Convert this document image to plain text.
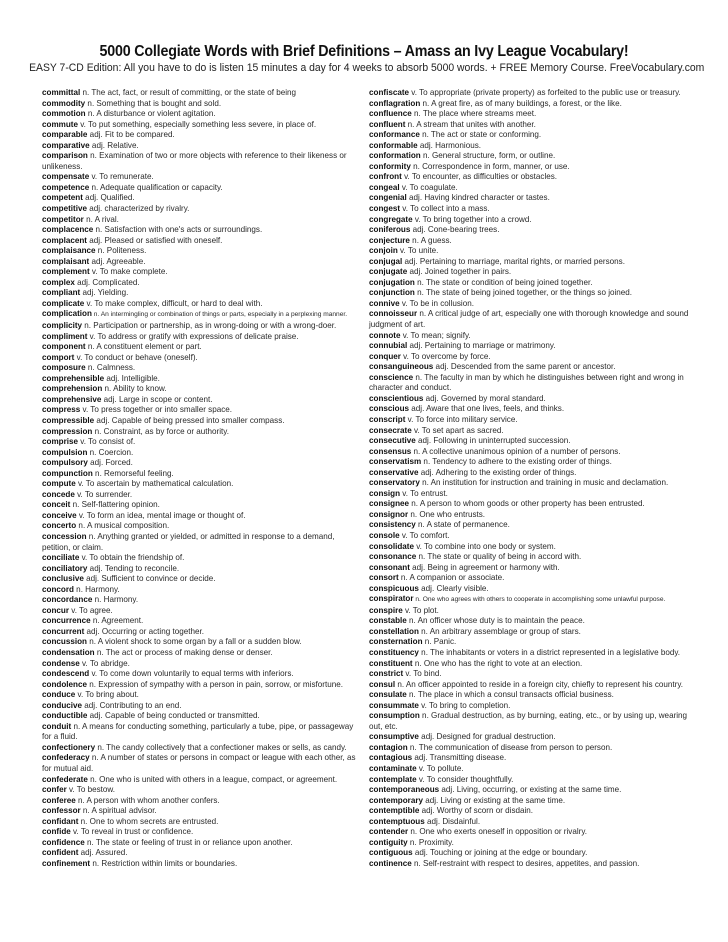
5000 Collegiate Words with Brief Definitions – Amass an Ivy League Vocabulary!
EASY 7-CD Edition: All you have to do is listen 15 minutes a day for 4 weeks to absorb 5000 words. + FREE Memory Course. FreeVocabulary.com
committal n. The act, fact, or result of committing, or the state of being
commodity n. Something that is bought and sold.
commotion n. A disturbance or violent agitation.
commute v. To put something, especially something less severe, in place of.
comparable adj. Fit to be compared.
comparative adj. Relative.
comparison n. Examination of two or more objects with reference to their likeness or unlikeness.
compensate v. To remunerate.
competence n. Adequate qualification or capacity.
competent adj. Qualified.
competitive adj. characterized by rivalry.
competitor n. A rival.
complacence n. Satisfaction with one's acts or surroundings.
complacent adj. Pleased or satisfied with oneself.
complaisance n. Politeness.
complaisant adj. Agreeable.
complement v. To make complete.
complex adj. Complicated.
compliant adj. Yielding.
complicate v. To make complex, difficult, or hard to deal with.
complication n. An intermingling or combination of things or parts, especially in a perplexing manner.
complicity n. Participation or partnership, as in wrong-doing or with a wrong-doer.
compliment v. To address or gratify with expressions of delicate praise.
component n. A constituent element or part.
comport v. To conduct or behave (oneself).
composure n. Calmness.
comprehensible adj. Intelligible.
comprehension n. Ability to know.
comprehensive adj. Large in scope or content.
compress v. To press together or into smaller space.
compressible adj. Capable of being pressed into smaller compass.
compression n. Constraint, as by force or authority.
comprise v. To consist of.
compulsion n. Coercion.
compulsory adj. Forced.
compunction n. Remorseful feeling.
compute v. To ascertain by mathematical calculation.
concede v. To surrender.
conceit n. Self-flattering opinion.
conceive v. To form an idea, mental image or thought of.
concerto n. A musical composition.
concession n. Anything granted or yielded, or admitted in response to a demand, petition, or claim.
conciliate v. To obtain the friendship of.
conciliatory adj. Tending to reconcile.
conclusive adj. Sufficient to convince or decide.
concord n. Harmony.
concordance n. Harmony.
concur v. To agree.
concurrence n. Agreement.
concurrent adj. Occurring or acting together.
concussion n. A violent shock to some organ by a fall or a sudden blow.
condensation n. The act or process of making dense or denser.
condense v. To abridge.
condescend v. To come down voluntarily to equal terms with inferiors.
condolence n. Expression of sympathy with a person in pain, sorrow, or misfortune.
conduce v. To bring about.
conducive adj. Contributing to an end.
conductible adj. Capable of being conducted or transmitted.
conduit n. A means for conducting something, particularly a tube, pipe, or passageway for a fluid.
confectionery n. The candy collectively that a confectioner makes or sells, as candy.
confederacy n. A number of states or persons in compact or league with each other, as for mutual aid.
confederate n. One who is united with others in a league, compact, or agreement.
confer v. To bestow.
conferee n. A person with whom another confers.
confessor n. A spiritual advisor.
confidant n. One to whom secrets are entrusted.
confide v. To reveal in trust or confidence.
confidence n. The state or feeling of trust in or reliance upon another.
confident adj. Assured.
confinement n. Restriction within limits or boundaries.
confiscate v. To appropriate (private property) as forfeited to the public use or treasury.
conflagration n. A great fire, as of many buildings, a forest, or the like.
confluence n. The place where streams meet.
confluent n. A stream that unites with another.
conformance n. The act or state or conforming.
conformable adj. Harmonious.
conformation n. General structure, form, or outline.
conformity n. Correspondence in form, manner, or use.
confront v. To encounter, as difficulties or obstacles.
congeal v. To coagulate.
congenial adj. Having kindred character or tastes.
congest v. To collect into a mass.
congregate v. To bring together into a crowd.
coniferous adj. Cone-bearing trees.
conjecture n. A guess.
conjoin v. To unite.
conjugal adj. Pertaining to marriage, marital rights, or married persons.
conjugate adj. Joined together in pairs.
conjugation n. The state or condition of being joined together.
conjunction n. The state of being joined together, or the things so joined.
connive v. To be in collusion.
connoisseur n. A critical judge of art, especially one with thorough knowledge and sound judgment of art.
connote v. To mean; signify.
connubial adj. Pertaining to marriage or matrimony.
conquer v. To overcome by force.
consanguineous adj. Descended from the same parent or ancestor.
conscience n. The faculty in man by which he distinguishes between right and wrong in character and conduct.
conscientious adj. Governed by moral standard.
conscious adj. Aware that one lives, feels, and thinks.
conscript v. To force into military service.
consecrate v. To set apart as sacred.
consecutive adj. Following in uninterrupted succession.
consensus n. A collective unanimous opinion of a number of persons.
conservatism n. Tendency to adhere to the existing order of things.
conservative adj. Adhering to the existing order of things.
conservatory n. An institution for instruction and training in music and declamation.
consign v. To entrust.
consignee n. A person to whom goods or other property has been entrusted.
consignor n. One who entrusts.
consistency n. A state of permanence.
console v. To comfort.
consolidate v. To combine into one body or system.
consonance n. The state or quality of being in accord with.
consonant adj. Being in agreement or harmony with.
consort n. A companion or associate.
conspicuous adj. Clearly visible.
conspirator n. One who agrees with others to cooperate in accomplishing some unlawful purpose.
conspire v. To plot.
constable n. An officer whose duty is to maintain the peace.
constellation n. An arbitrary assemblage or group of stars.
consternation n. Panic.
constituency n. The inhabitants or voters in a district represented in a legislative body.
constituent n. One who has the right to vote at an election.
constrict v. To bind.
consul n. An officer appointed to reside in a foreign city, chiefly to represent his country.
consulate n. The place in which a consul transacts official business.
consummate v. To bring to completion.
consumption n. Gradual destruction, as by burning, eating, etc., or by using up, wearing out, etc.
consumptive adj. Designed for gradual destruction.
contagion n. The communication of disease from person to person.
contagious adj. Transmitting disease.
contaminate v. To pollute.
contemplate v. To consider thoughtfully.
contemporaneous adj. Living, occurring, or existing at the same time.
contemporary adj. Living or existing at the same time.
contemptible adj. Worthy of scorn or disdain.
contemptuous adj. Disdainful.
contender n. One who exerts oneself in opposition or rivalry.
contiguity n. Proximity.
contiguous adj. Touching or joining at the edge or boundary.
continence n. Self-restraint with respect to desires, appetites, and passion.
